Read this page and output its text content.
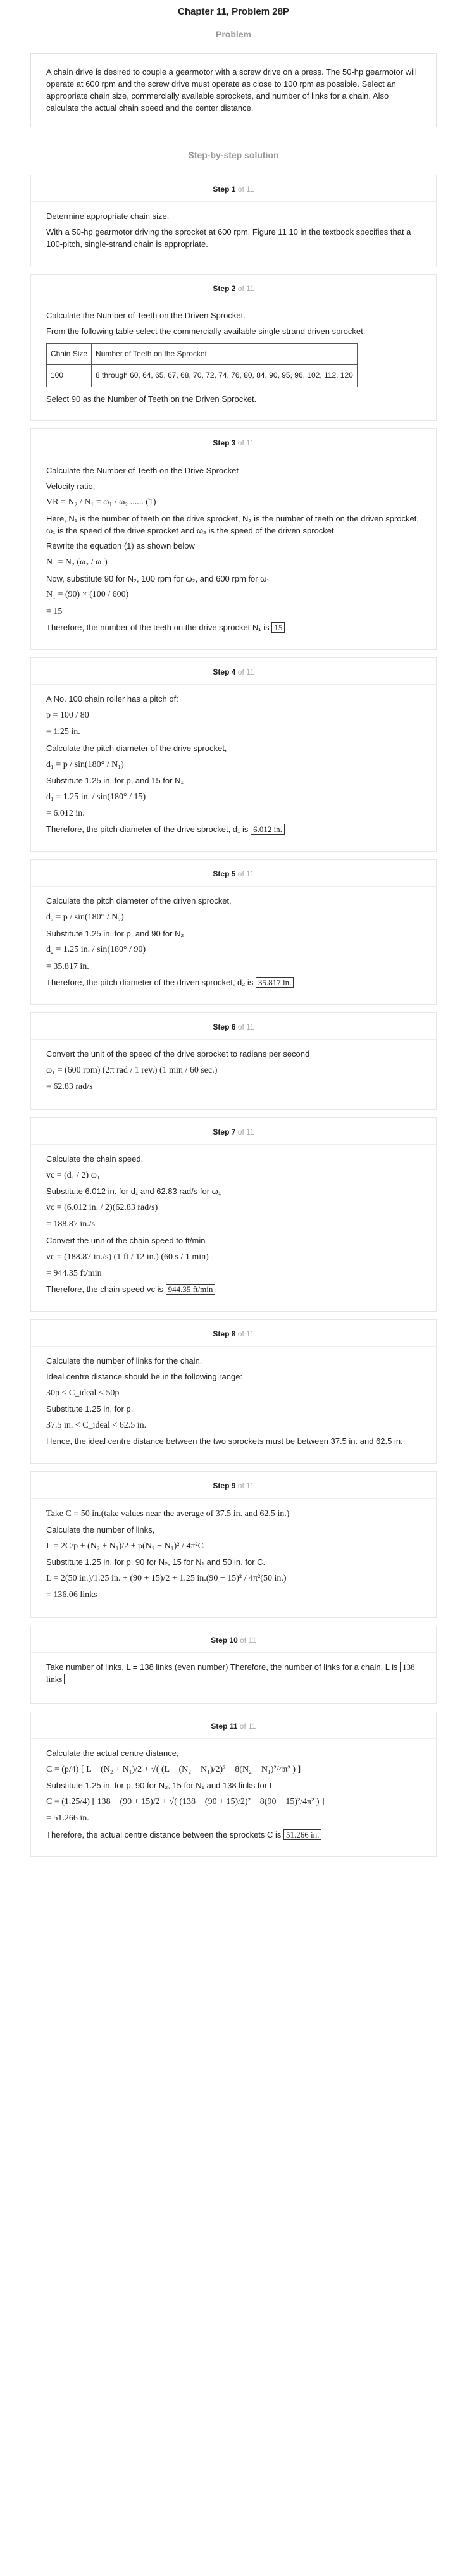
Chapter 11, Problem 28P
Problem
A chain drive is desired to couple a gearmotor with a screw drive on a press. The 50-hp gearmotor will operate at 600 rpm and the screw drive must operate as close to 100 rpm as possible. Select an appropriate chain size, commercially available sprockets, and number of links for a chain. Also calculate the actual chain speed and the center distance.
Step-by-step solution
Step 1 of 11

Determine appropriate chain size.

With a 50-hp gearmotor driving the sprocket at 600 rpm, Figure 11 10 in the textbook specifies that a 100-pitch, single-strand chain is appropriate.

Step 2 of 11

Calculate the Number of Teeth on the Driven Sprocket.

From the following table select the commercially available single strand driven sprocket.

Chain Size	Number of Teeth on the Sprocket
100	8 through 60, 64, 65, 67, 68, 70, 72, 74, 76, 80, 84, 90, 95, 96, 102, 112, 120

Select 90 as the Number of Teeth on the Driven Sprocket.

Step 3 of 11

Calculate the Number of Teeth on the Drive Sprocket

Velocity ratio,

VR = N₂ / N₁ = ω₁ / ω₂ ...... (1)

Here, N₁ is the number of teeth on the drive sprocket, N₂ is the number of teeth on the driven sprocket, ω₁ is the speed of the drive sprocket and ω₂ is the speed of the driven sprocket.

Rewrite the equation (1) as shown below

N₁ = N₂ (ω₂ / ω₁)

Now, substitute 90 for N₂, 100 rpm for ω₂, and 600 rpm for ω₁

N₁ = (90) × (100 / 600)

= 15

Therefore, the number of the teeth on the drive sprocket N₁ is 15

Step 4 of 11

A No. 100 chain roller has a pitch of:

p = 100 / 80

= 1.25 in.

Calculate the pitch diameter of the drive sprocket,

d₁ = p / sin(180° / N₁)

Substitute 1.25 in. for p, and 15 for N₁

d₁ = 1.25 in. / sin(180° / 15)

= 6.012 in.

Therefore, the pitch diameter of the drive sprocket, d₁ is 6.012 in.

Step 5 of 11

Calculate the pitch diameter of the driven sprocket,

d₂ = p / sin(180° / N₂)

Substitute 1.25 in. for p, and 90 for N₂

d₂ = 1.25 in. / sin(180° / 90)

= 35.817 in.

Therefore, the pitch diameter of the driven sprocket, d₂ is 35.817 in.

Step 6 of 11

Convert the unit of the speed of the drive sprocket to radians per second

ω₁ = (600 rpm) (2π rad / 1 rev.) (1 min / 60 sec.)

= 62.83 rad/s

Step 7 of 11

Calculate the chain speed,

vc = (d₁ / 2) ω₁

Substitute 6.012 in. for d₁ and 62.83 rad/s for ω₁

vc = (6.012 in. / 2)(62.83 rad/s)

= 188.87 in./s

Convert the unit of the chain speed to ft/min

vc = (188.87 in./s) (1 ft / 12 in.) (60 s / 1 min)

= 944.35 ft/min

Therefore, the chain speed vc is 944.35 ft/min

Step 8 of 11

Calculate the number of links for the chain.

Ideal centre distance should be in the following range:

30p < C_ideal < 50p

Substitute 1.25 in. for p.

37.5 in. < C_ideal < 62.5 in.

Hence, the ideal centre distance between the two sprockets must be between 37.5 in. and 62.5 in.

Step 9 of 11

Take C = 50 in.(take values near the average of 37.5 in. and 62.5 in.)

Calculate the number of links,

L = 2C/p + (N₂ + N₁)/2 + p(N₂ − N₁)² / 4π²C

Substitute 1.25 in. for p, 90 for N₂, 15 for N₁ and 50 in. for C.

L = 2(50 in.)/1.25 in. + (90 + 15)/2 + 1.25 in.(90 − 15)² / 4π²(50 in.)

= 136.06 links

Step 10 of 11

Take number of links, L = 138 links (even number) Therefore, the number of links for a chain, L is 138 links

Step 11 of 11

Calculate the actual centre distance,

C = (p/4) [ L − (N₂ + N₁)/2 + √( (L − (N₂ + N₁)/2)² − 8(N₂ − N₁)²/4π² ) ]

Substitute 1.25 in. for p, 90 for N₂, 15 for N₁ and 138 links for L

C = (1.25/4) [ 138 − (90 + 15)/2 + √( (138 − (90 + 15)/2)² − 8(90 − 15)²/4π² ) ]

= 51.266 in.

Therefore, the actual centre distance between the sprockets C is 51.266 in.
